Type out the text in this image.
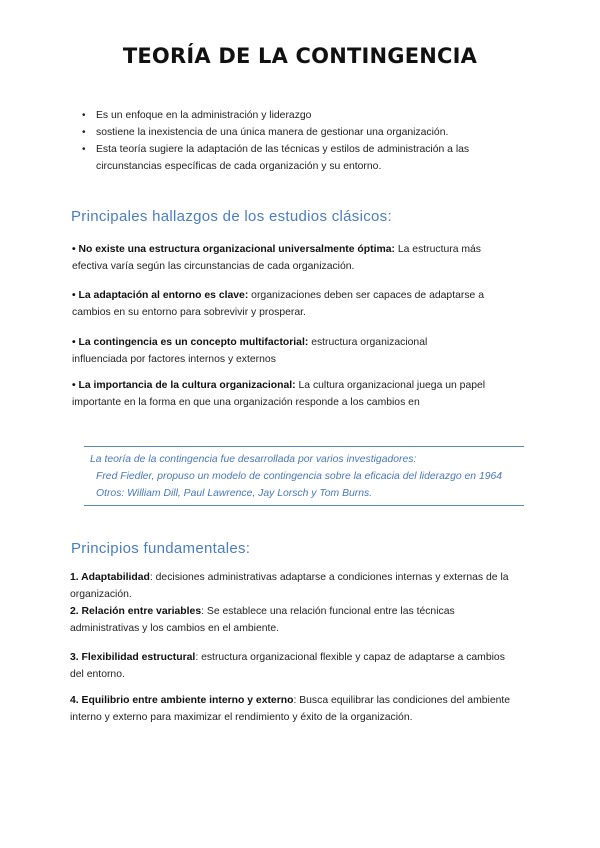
TEORÍA DE LA CONTINGENCIA
• Es un enfoque en la administración y liderazgo
• sostiene la inexistencia de una única manera de gestionar una organización.
• Esta teoría sugiere la adaptación de las técnicas y estilos de administración a las circunstancias específicas de cada organización y su entorno.
Principales hallazgos de los estudios clásicos:

• No existe una estructura organizacional universalmente óptima: La estructura más
efectiva varía según las circunstancias de cada organización.

• La adaptación al entorno es clave: organizaciones deben ser capaces de adaptarse a
cambios en su entorno para sobrevivir y prosperar.

• La contingencia es un concepto multifactorial: estructura organizacional
influenciada por factores internos y externos

• La importancia de la cultura organizacional: La cultura organizacional juega un papel
importante en la forma en que una organización responde a los cambios en

La teoría de la contingencia fue desarrollada por varios investigadores:
Fred Fiedler, propuso un modelo de contingencia sobre la eficacia del liderazgo en 1964
Otros: William Dill, Paul Lawrence, Jay Lorsch y Tom Burns.
Principios fundamentales:

1. Adaptabilidad: decisiones administrativas adaptarse a condiciones internas y externas de la
organización.

2. Relación entre variables: Se establece una relación funcional entre las técnicas
administrativas y los cambios en el ambiente.

3. Flexibilidad estructural: estructura organizacional flexible y capaz de adaptarse a cambios
del entorno.

4. Equilibrio entre ambiente interno y externo: Busca equilibrar las condiciones del ambiente
interno y externo para maximizar el rendimiento y éxito de la organización.
